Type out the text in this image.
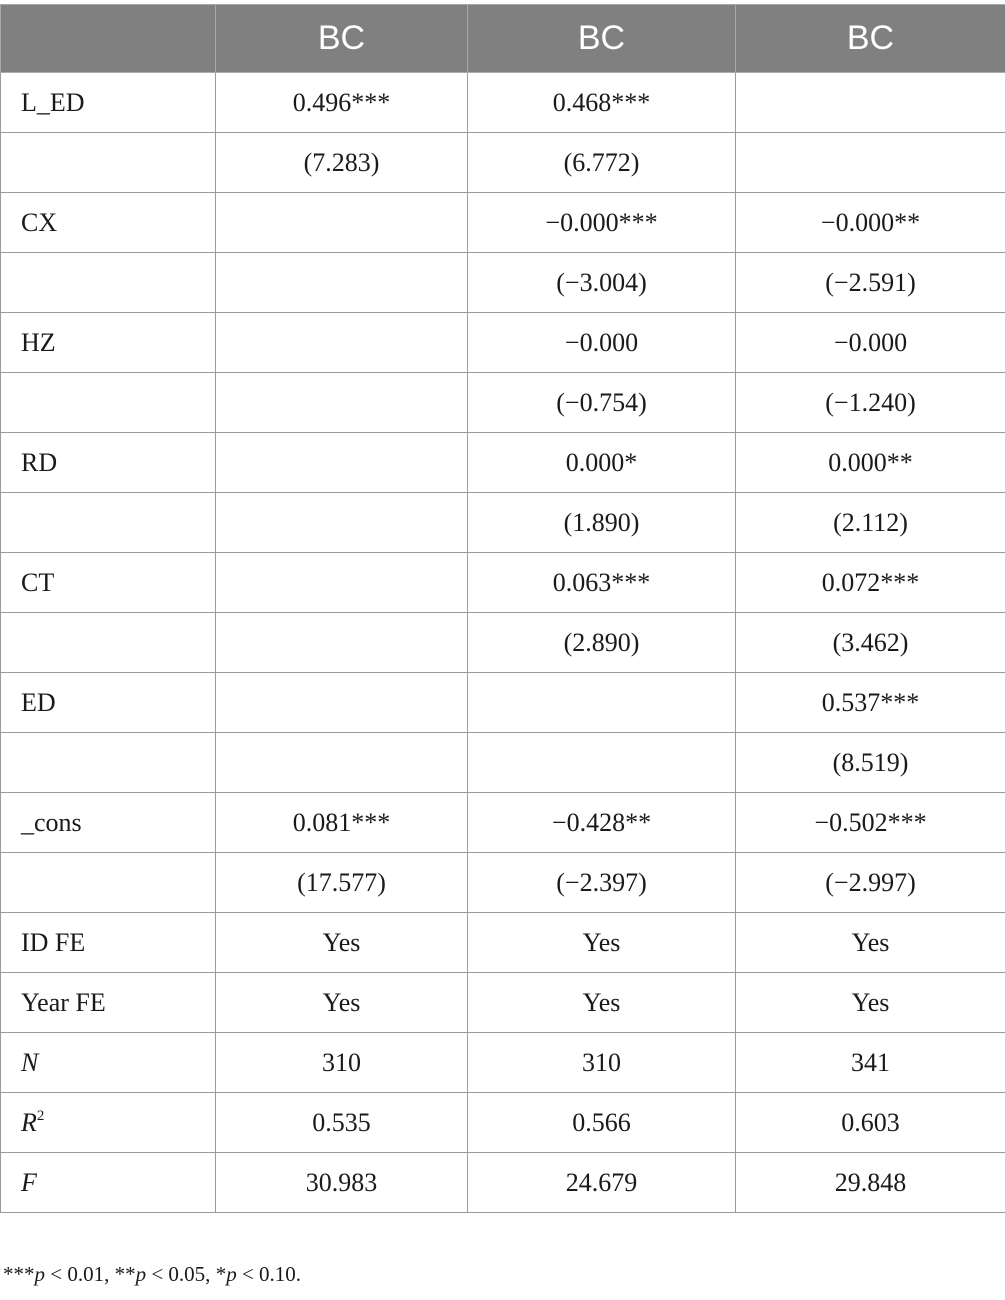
	BC	BC	BC
L_ED	0.496***	0.468***	
	(7.283)	(6.772)	
CX		−0.000***	−0.000**
		(−3.004)	(−2.591)
HZ		−0.000	−0.000
		(−0.754)	(−1.240)
RD		0.000*	0.000**
		(1.890)	(2.112)
CT		0.063***	0.072***
		(2.890)	(3.462)
ED			0.537***
			(8.519)
_cons	0.081***	−0.428**	−0.502***
	(17.577)	(−2.397)	(−2.997)
ID FE	Yes	Yes	Yes
Year FE	Yes	Yes	Yes
N	310	310	341
$R^2$	0.535	0.566	0.603
F	30.983	24.679	29.848
***p < 0.01, **p < 0.05, *p < 0.10.
